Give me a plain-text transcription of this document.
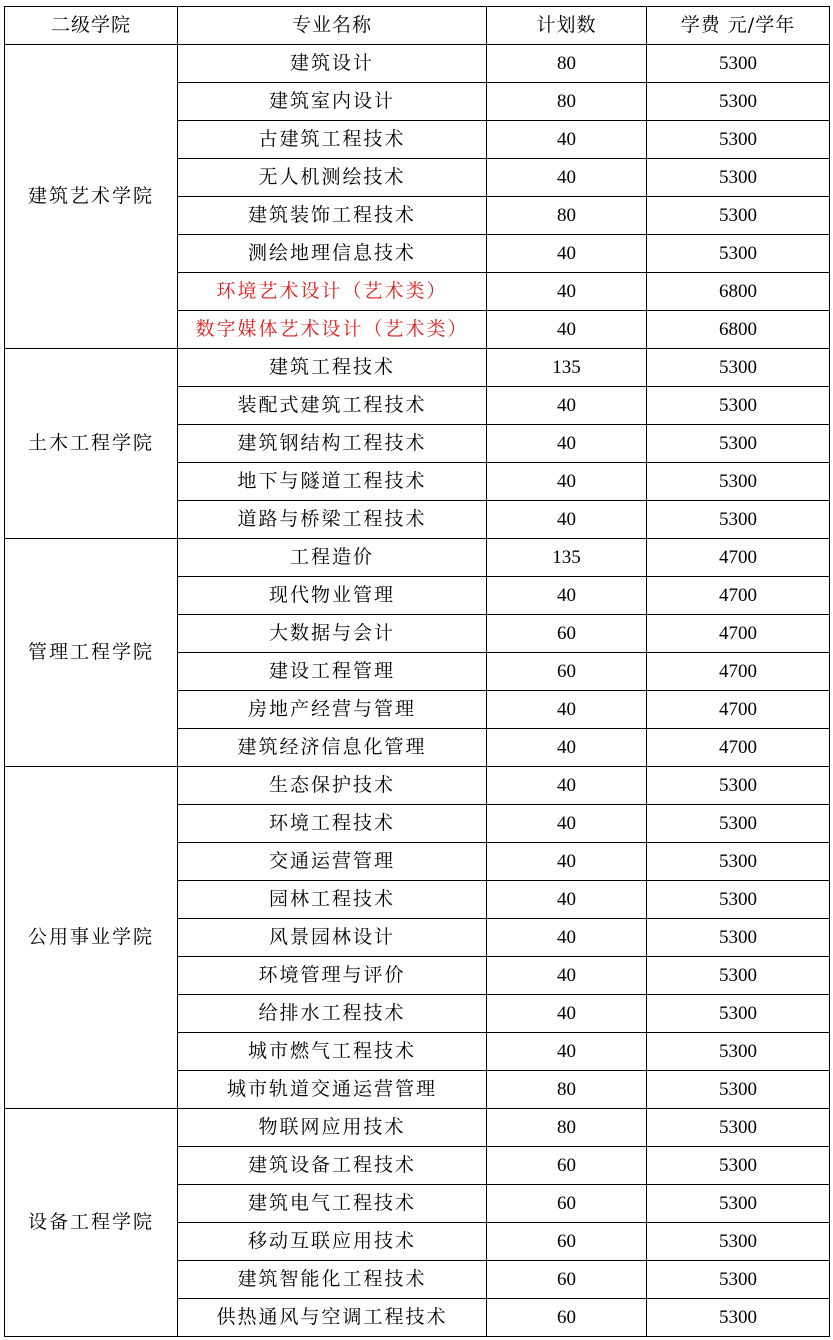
二级学院	专业名称	计划数	学费 元/学年
建筑艺术学院	建筑设计	80	5300
	建筑室内设计	80	5300
	古建筑工程技术	40	5300
	无人机测绘技术	40	5300
	建筑装饰工程技术	80	5300
	测绘地理信息技术	40	5300
	环境艺术设计（艺术类）	40	6800
	数字媒体艺术设计（艺术类）	40	6800
土木工程学院	建筑工程技术	135	5300
	装配式建筑工程技术	40	5300
	建筑钢结构工程技术	40	5300
	地下与隧道工程技术	40	5300
	道路与桥梁工程技术	40	5300
管理工程学院	工程造价	135	4700
	现代物业管理	40	4700
	大数据与会计	60	4700
	建设工程管理	60	4700
	房地产经营与管理	40	4700
	建筑经济信息化管理	40	4700
公用事业学院	生态保护技术	40	5300
	环境工程技术	40	5300
	交通运营管理	40	5300
	园林工程技术	40	5300
	风景园林设计	40	5300
	环境管理与评价	40	5300
	给排水工程技术	40	5300
	城市燃气工程技术	40	5300
	城市轨道交通运营管理	80	5300
设备工程学院	物联网应用技术	80	5300
	建筑设备工程技术	60	5300
	建筑电气工程技术	60	5300
	移动互联应用技术	60	5300
	建筑智能化工程技术	60	5300
	供热通风与空调工程技术	60	5300
